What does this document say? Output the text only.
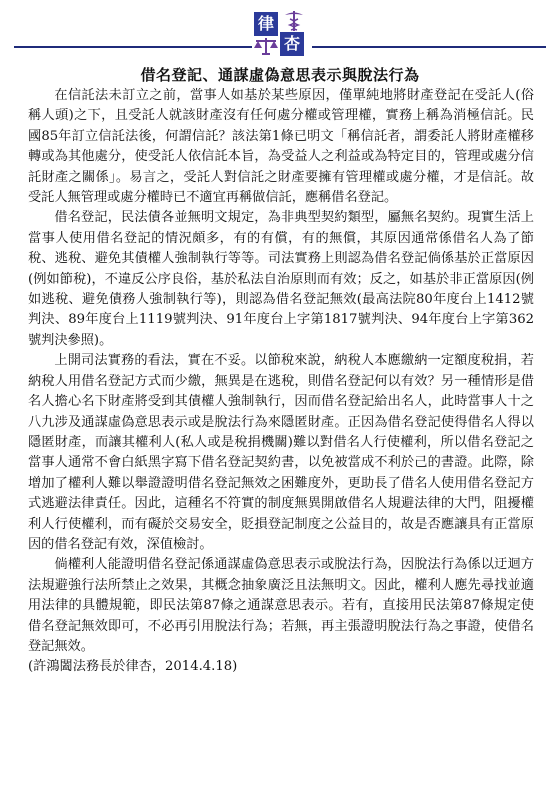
律
杏
借名登記、通謀虛偽意思表示與脫法行為

在信託法未訂立之前，當事人如基於某些原因，僅單純地將財產登記在受託人(俗稱人頭)之下，且受託人就該財產沒有任何處分權或管理權，實務上稱為消極信託。民國85年訂立信託法後，何謂信託？該法第1條已明文「稱信託者，謂委託人將財產權移轉或為其他處分，使受託人依信託本旨，為受益人之利益或為特定目的，管理或處分信託財產之關係」。易言之，受託人對信託之財產要擁有管理權或處分權，才是信託。故受託人無管理或處分權時已不適宜再稱做信託，應稱借名登記。

借名登記，民法債各並無明文規定，為非典型契約類型，屬無名契約。現實生活上當事人使用借名登記的情況頗多，有的有償，有的無償，其原因通常係借名人為了節稅、逃稅、避免其債權人強制執行等等。司法實務上則認為借名登記倘係基於正當原因(例如節稅)，不違反公序良俗，基於私法自治原則而有效；反之，如基於非正當原因(例如逃稅、避免債務人強制執行等)，則認為借名登記無效(最高法院80年度台上1412號判決、89年度台上1119號判決、91年度台上字第1817號判決、94年度台上字第362號判決參照)。

上開司法實務的看法，實在不妥。以節稅來說，納稅人本應繳納一定額度稅捐，若納稅人用借名登記方式而少繳，無異是在逃稅，則借名登記何以有效？另一種情形是借名人擔心名下財產將受到其債權人強制執行，因而借名登記給出名人，此時當事人十之八九涉及通謀虛偽意思表示或是脫法行為來隱匿財產。正因為借名登記使得借名人得以隱匿財產，而讓其權利人(私人或是稅捐機關)難以對借名人行使權利，所以借名登記之當事人通常不會白紙黑字寫下借名登記契約書，以免被當成不利於己的書證。此際，除增加了權利人難以舉證證明借名登記無效之困難度外，更助長了借名人使用借名登記方式逃避法律責任。因此，這種名不符實的制度無異開啟借名人規避法律的大門，阻擾權利人行使權利，而有礙於交易安全，貶損登記制度之公益目的，故是否應讓具有正當原因的借名登記有效，深值檢討。

倘權利人能證明借名登記係通謀虛偽意思表示或脫法行為，因脫法行為係以迂迴方法規避強行法所禁止之效果，其概念抽象廣泛且法無明文。因此，權利人應先尋找並適用法律的具體規範，即民法第87條之通謀意思表示。若有，直接用民法第87條規定使借名登記無效即可，不必再引用脫法行為；若無，再主張證明脫法行為之事證，使借名登記無效。

(許鴻闔法務長於律杏，2014.4.18)
